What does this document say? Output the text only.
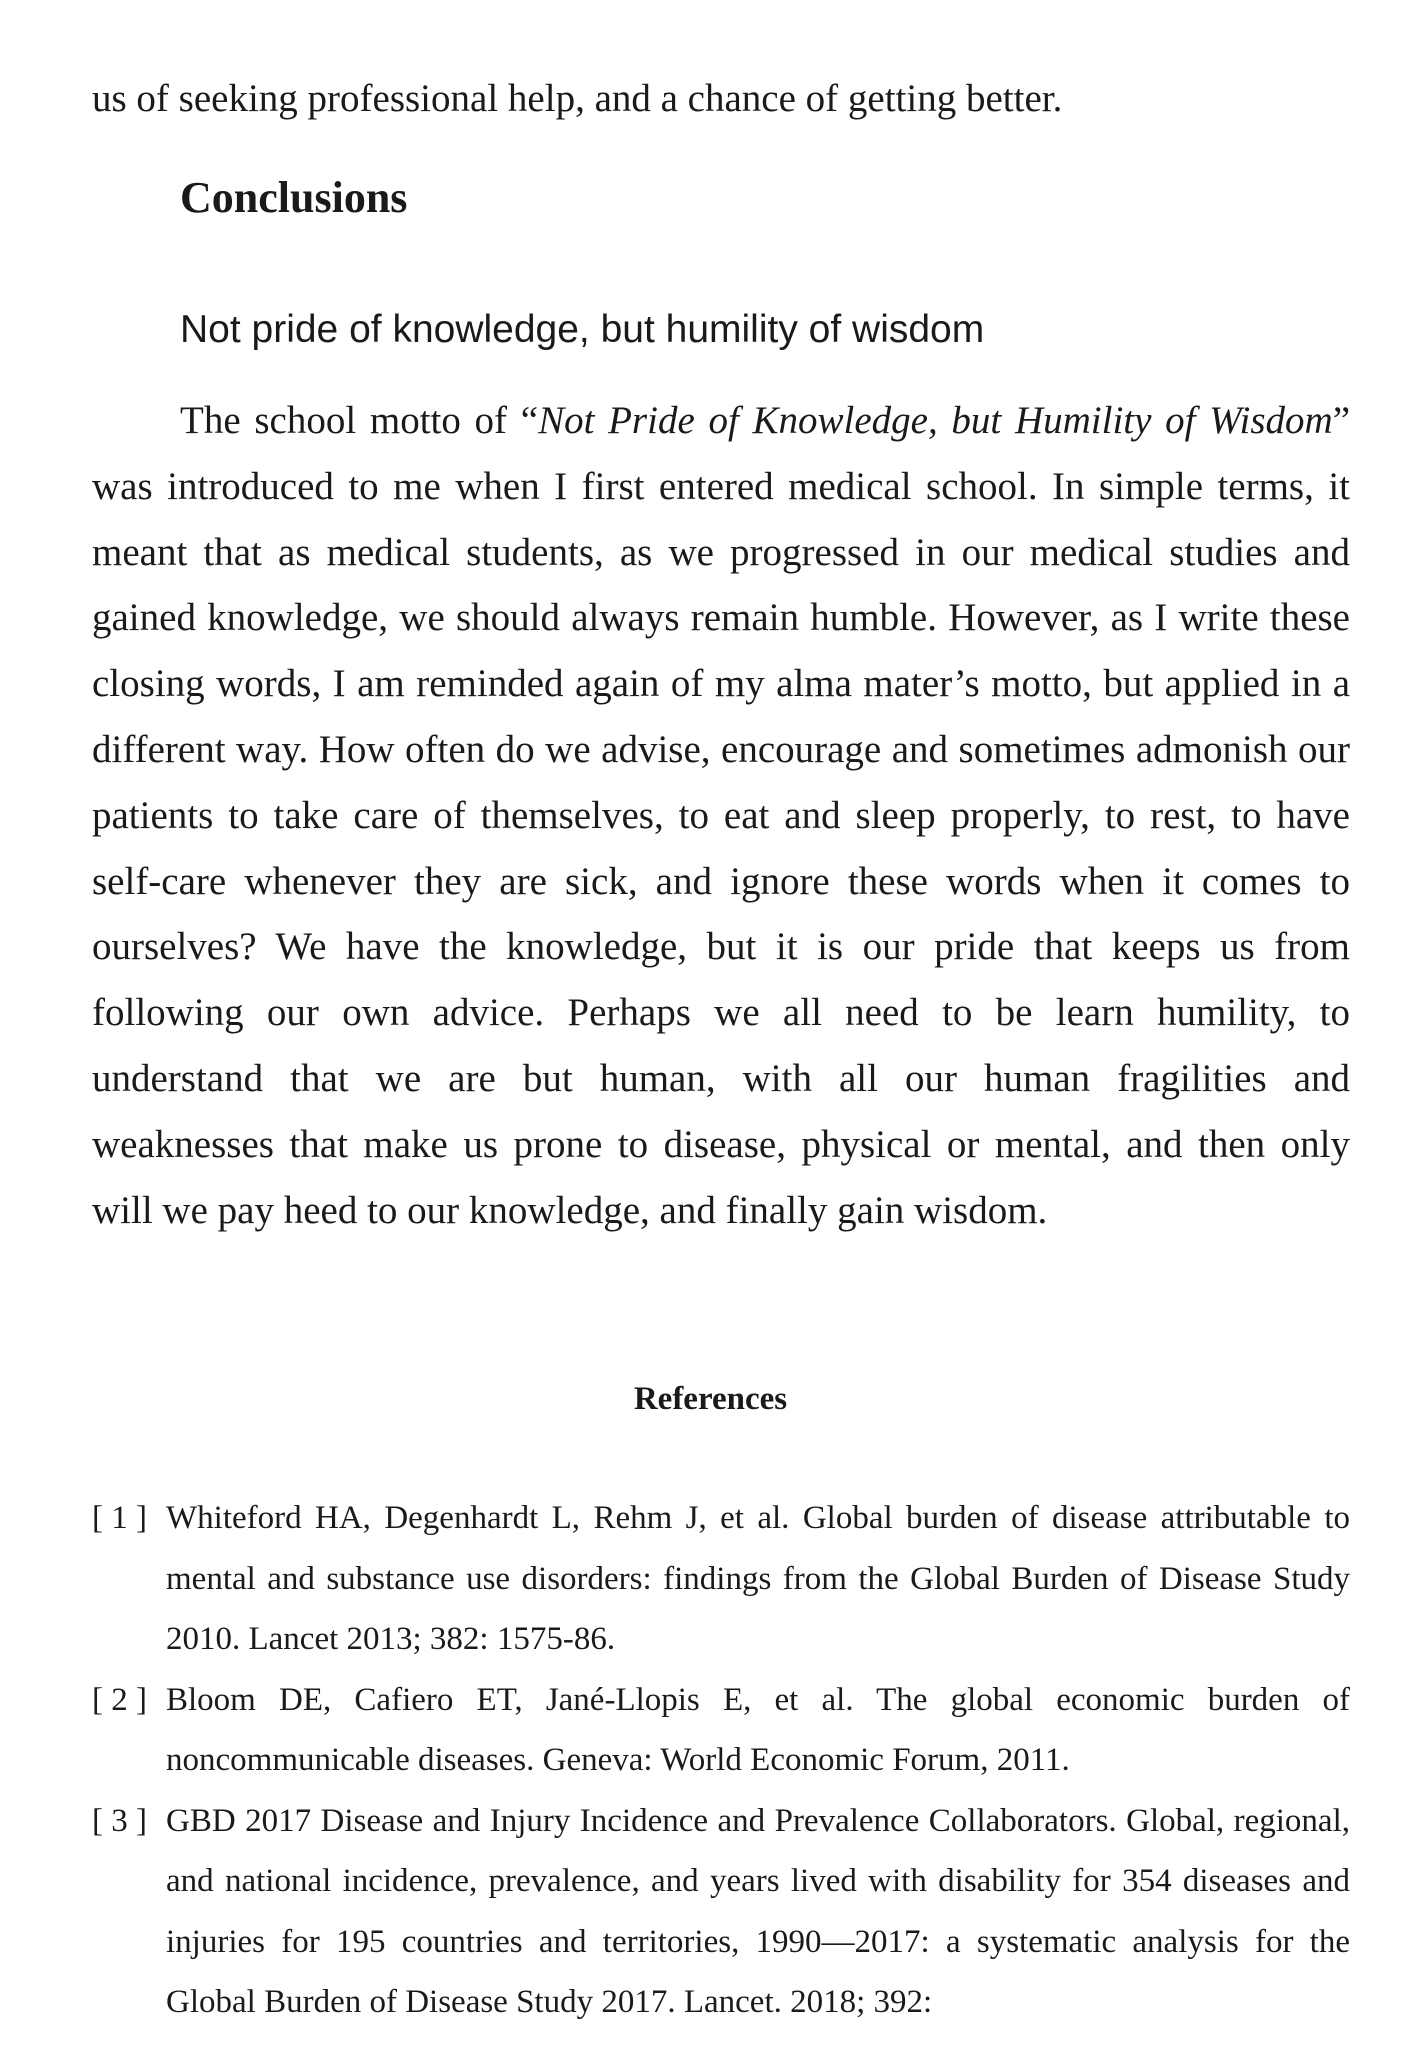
us of seeking professional help, and a chance of getting better.
Conclusions
Not pride of knowledge, but humility of wisdom
The school motto of “Not Pride of Knowledge, but Humility of Wisdom” was introduced to me when I first entered medical school. In simple terms, it meant that as medical students, as we progressed in our medical studies and gained knowledge, we should always remain humble. However, as I write these closing words, I am reminded again of my alma mater’s motto, but applied in a different way. How often do we advise, encourage and sometimes admonish our patients to take care of themselves, to eat and sleep properly, to rest, to have self-care whenever they are sick, and ignore these words when it comes to ourselves? We have the knowledge, but it is our pride that keeps us from following our own advice. Perhaps we all need to be learn humility, to understand that we are but human, with all our human fragilities and weaknesses that make us prone to disease, physical or mental, and then only will we pay heed to our knowledge, and finally gain wisdom.
References
[ 1 ] Whiteford HA, Degenhardt L, Rehm J, et al. Global burden of disease attributable to mental and substance use disorders: findings from the Global Burden of Disease Study 2010. Lancet 2013; 382: 1575-86.
[ 2 ] Bloom DE, Cafiero ET, Jané-Llopis E, et al. The global economic burden of noncommunicable diseases. Geneva: World Economic Forum, 2011.
[ 3 ] GBD 2017 Disease and Injury Incidence and Prevalence Collaborators. Global, regional, and national incidence, prevalence, and years lived with disability for 354 diseases and injuries for 195 countries and territories, 1990—2017: a systematic analysis for the Global Burden of Disease Study 2017. Lancet. 2018; 392:
